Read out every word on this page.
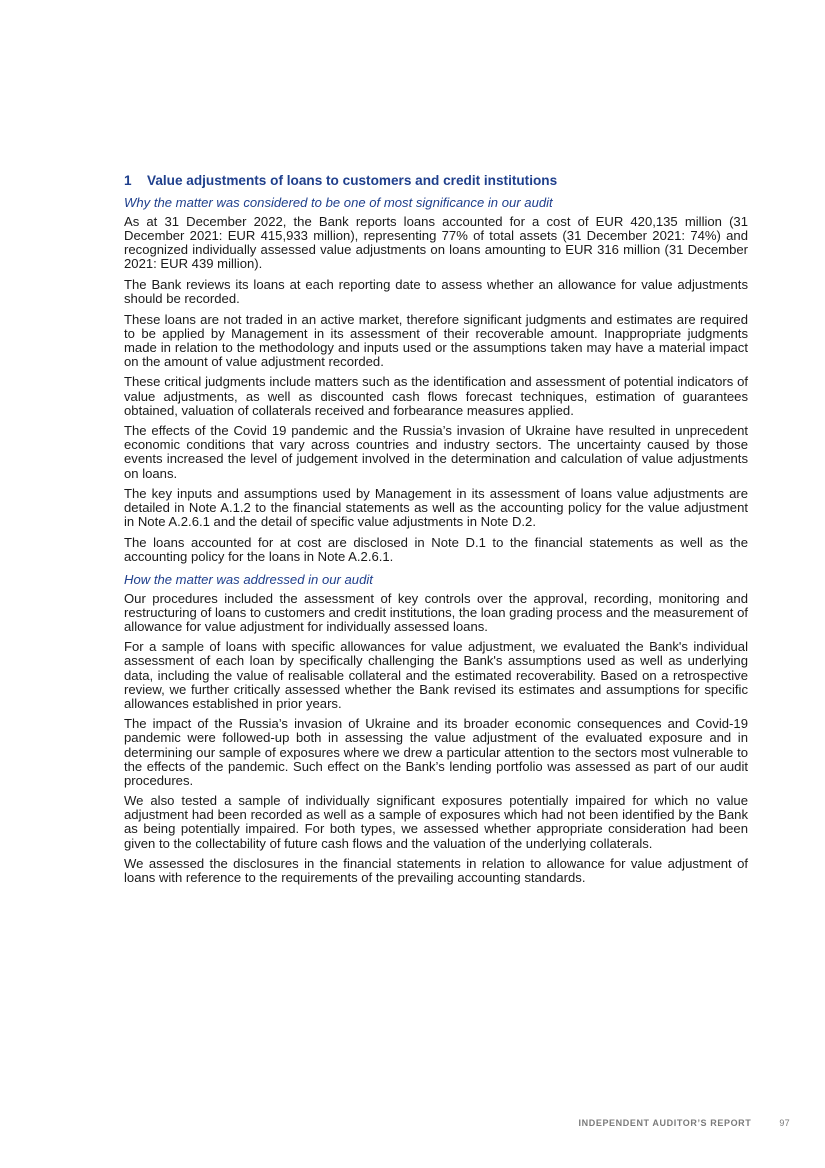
1 Value adjustments of loans to customers and credit institutions
Why the matter was considered to be one of most significance in our audit

As at 31 December 2022, the Bank reports loans accounted for a cost of EUR 420,135 million (31 December 2021: EUR 415,933 million), representing 77% of total assets (31 December 2021: 74%) and recognized individually assessed value adjustments on loans amounting to EUR 316 million (31 December 2021: EUR 439 million).

The Bank reviews its loans at each reporting date to assess whether an allowance for value adjustments should be recorded.

These loans are not traded in an active market, therefore significant judgments and estimates are required to be applied by Management in its assessment of their recoverable amount. Inappropriate judgments made in relation to the methodology and inputs used or the assumptions taken may have a material impact on the amount of value adjustment recorded.

These critical judgments include matters such as the identification and assessment of potential indicators of value adjustments, as well as discounted cash flows forecast techniques, estimation of guarantees obtained, valuation of collaterals received and forbearance measures applied.

The effects of the Covid 19 pandemic and the Russia’s invasion of Ukraine have resulted in unprecedent economic conditions that vary across countries and industry sectors. The uncertainty caused by those events increased the level of judgement involved in the determination and calculation of value adjustments on loans.

The key inputs and assumptions used by Management in its assessment of loans value adjustments are detailed in Note A.1.2 to the financial statements as well as the accounting policy for the value adjustment in Note A.2.6.1 and the detail of specific value adjustments in Note D.2.

The loans accounted for at cost are disclosed in Note D.1 to the financial statements as well as the accounting policy for the loans in Note A.2.6.1.

How the matter was addressed in our audit

Our procedures included the assessment of key controls over the approval, recording, monitoring and restructuring of loans to customers and credit institutions, the loan grading process and the measurement of allowance for value adjustment for individually assessed loans.

For a sample of loans with specific allowances for value adjustment, we evaluated the Bank's individual assessment of each loan by specifically challenging the Bank's assumptions used as well as underlying data, including the value of realisable collateral and the estimated recoverability. Based on a retrospective review, we further critically assessed whether the Bank revised its estimates and assumptions for specific allowances established in prior years.

The impact of the Russia’s invasion of Ukraine and its broader economic consequences and Covid-19 pandemic were followed-up both in assessing the value adjustment of the evaluated exposure and in determining our sample of exposures where we drew a particular attention to the sectors most vulnerable to the effects of the pandemic. Such effect on the Bank’s lending portfolio was assessed as part of our audit procedures.

We also tested a sample of individually significant exposures potentially impaired for which no value adjustment had been recorded as well as a sample of exposures which had not been identified by the Bank as being potentially impaired. For both types, we assessed whether appropriate consideration had been given to the collectability of future cash flows and the valuation of the underlying collaterals.

We assessed the disclosures in the financial statements in relation to allowance for value adjustment of loans with reference to the requirements of the prevailing accounting standards.

INDEPENDENT AUDITOR’S REPORT	97
